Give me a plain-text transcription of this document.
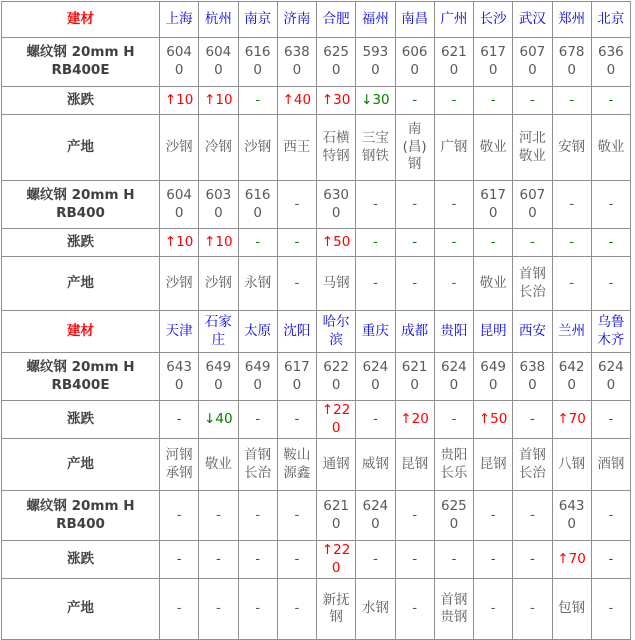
建材	上海	杭州	南京	济南	合肥	福州	南昌	广州	长沙	武汉	郑州	北京
螺纹钢 20mm HRB400E	6040	6040	6160	6380	6250	5930	6060	6210	6170	6070	6780	6360
涨跌	↑10	↑10	-	↑40	↑30	↓30	-	-	-	-	-	-
产地	沙钢	冷钢	沙钢	西王	石横特钢	三宝钢铁	南(昌)钢	广钢	敬业	河北敬业	安钢	敬业
螺纹钢 20mm HRB400	6040	6030	6160	-	6300	-	-	-	6170	6070	-	-
涨跌	↑10	↑10	-	-	↑50	-	-	-	-	-	-	-
产地	沙钢	沙钢	永钢	-	马钢	-	-	-	敬业	首钢长治	-	-
建材	天津	石家庄	太原	沈阳	哈尔滨	重庆	成都	贵阳	昆明	西安	兰州	乌鲁木齐
螺纹钢 20mm HRB400E	6430	6490	6490	6170	6220	6240	6210	6240	6490	6380	6420	6240
涨跌	-	↓40	-	-	↑220	-	↑20	-	↑50	-	↑70	-
产地	河钢承钢	敬业	首钢长治	鞍山源鑫	通钢	威钢	昆钢	贵阳长乐	昆钢	首钢长治	八钢	酒钢
螺纹钢 20mm HRB400	-	-	-	-	6210	6240	-	6250	-	-	6430	-
涨跌	-	-	-	-	↑220	-	-	-	-	-	↑70	-
产地	-	-	-	-	新抚钢	水钢	-	首钢贵钢	-	-	包钢	-
